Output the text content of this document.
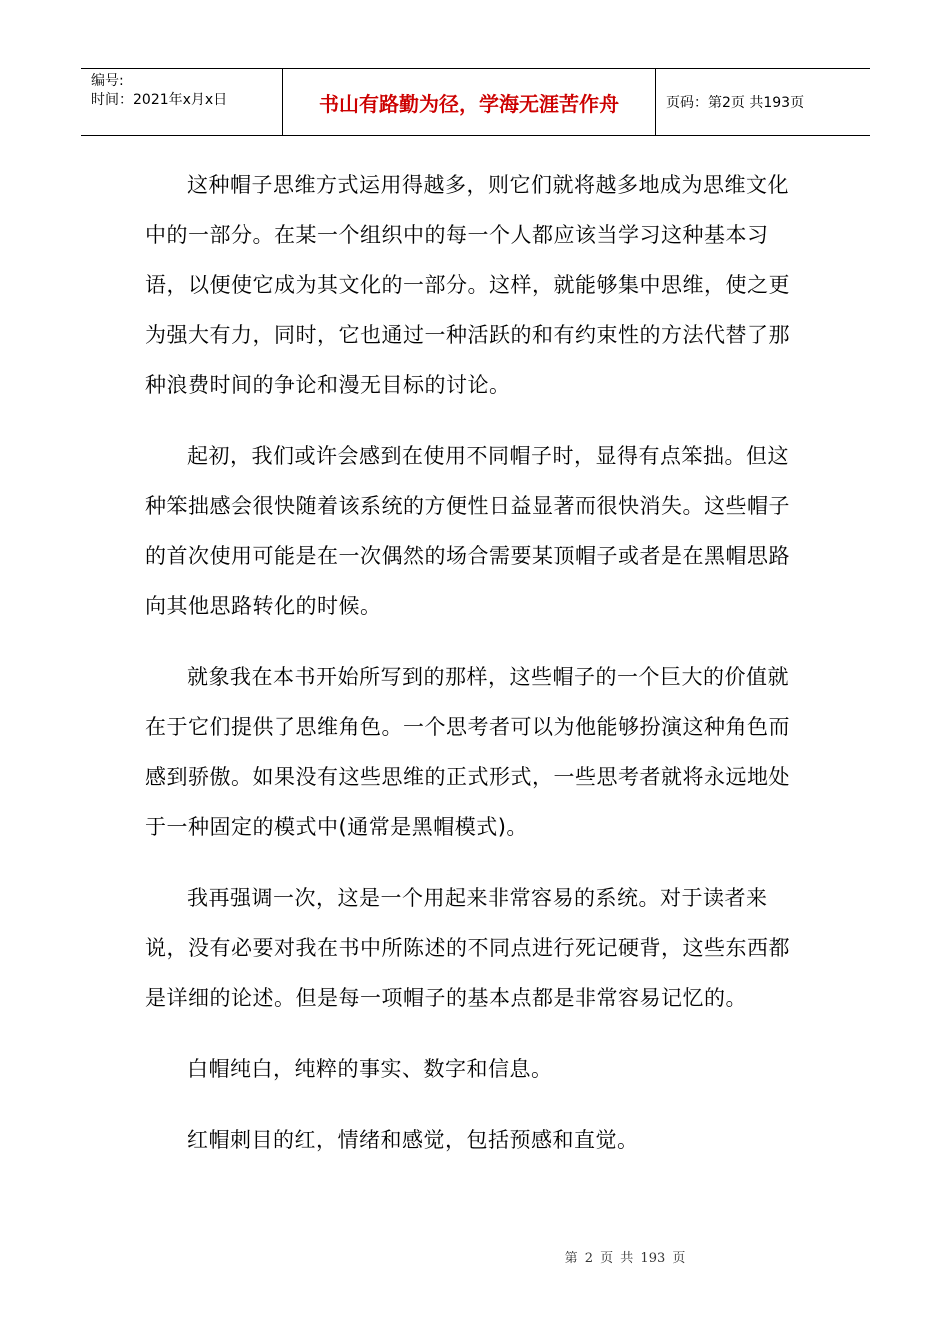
编号:
时间：2021年x月x日	书山有路勤为径，学海无涯苦作舟	页码：第2页 共193页

这种帽子思维方式运用得越多，则它们就将越多地成为思维文化中的一部分。在某一个组织中的每一个人都应该当学习这种基本习语，以便使它成为其文化的一部分。这样，就能够集中思维，使之更为强大有力，同时，它也通过一种活跃的和有约束性的方法代替了那种浪费时间的争论和漫无目标的讨论。

起初，我们或许会感到在使用不同帽子时，显得有点笨拙。但这种笨拙感会很快随着该系统的方便性日益显著而很快消失。这些帽子的首次使用可能是在一次偶然的场合需要某顶帽子或者是在黑帽思路向其他思路转化的时候。

就象我在本书开始所写到的那样，这些帽子的一个巨大的价值就在于它们提供了思维角色。一个思考者可以为他能够扮演这种角色而感到骄傲。如果没有这些思维的正式形式，一些思考者就将永远地处于一种固定的模式中(通常是黑帽模式)。

我再强调一次，这是一个用起来非常容易的系统。对于读者来说，没有必要对我在书中所陈述的不同点进行死记硬背，这些东西都是详细的论述。但是每一项帽子的基本点都是非常容易记忆的。

白帽纯白，纯粹的事实、数字和信息。

红帽刺目的红，情绪和感觉，包括预感和直觉。

第 2 页 共 193 页
